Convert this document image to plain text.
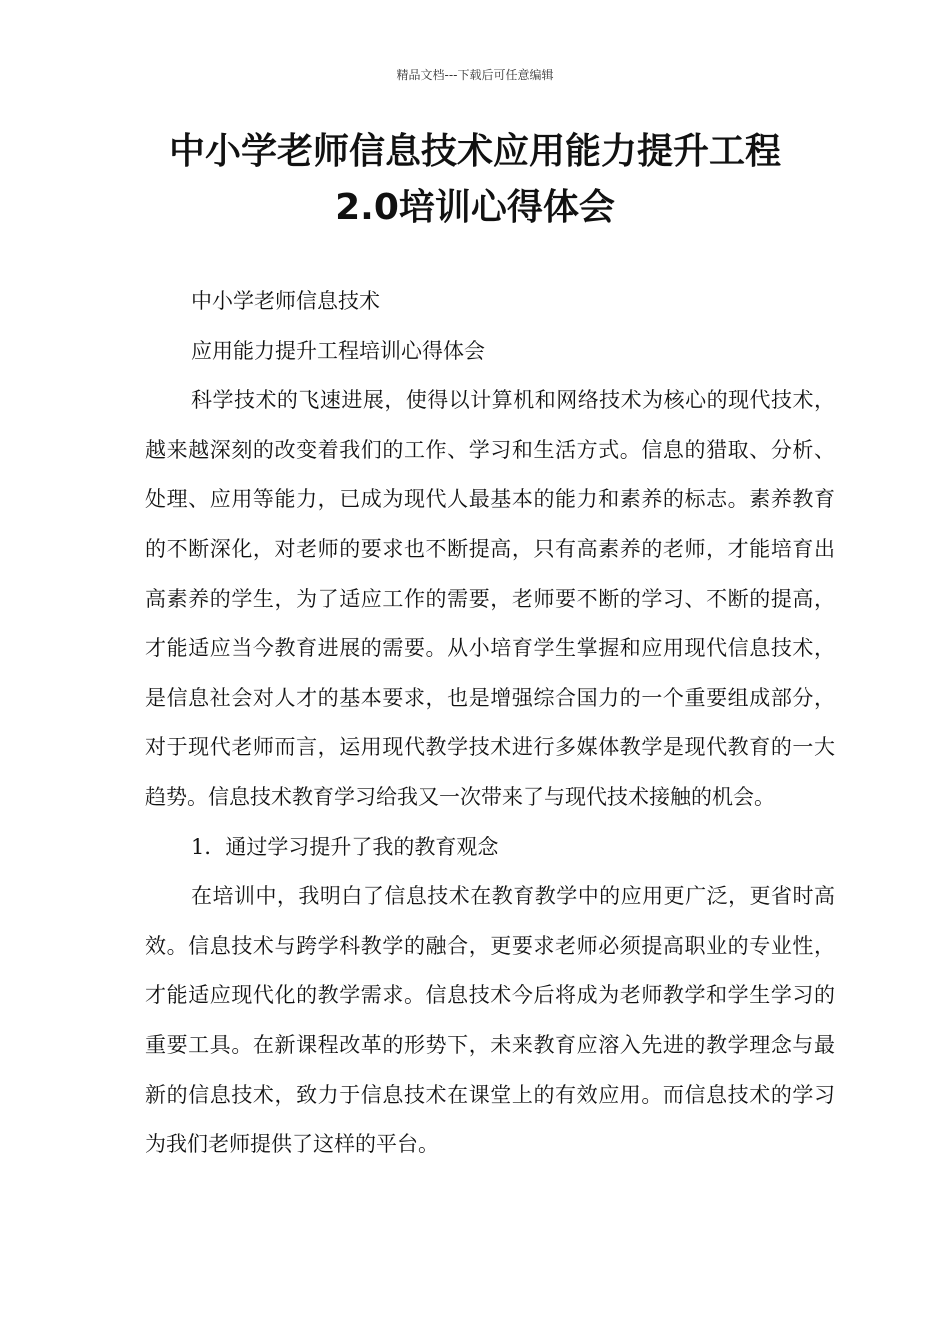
精品文档---下载后可任意编辑
中小学老师信息技术应用能力提升工程
2.0培训心得体会

中小学老师信息技术

应用能力提升工程培训心得体会

科学技术的飞速进展，使得以计算机和网络技术为核心的现代技术，越来越深刻的改变着我们的工作、学习和生活方式。信息的猎取、分析、处理、应用等能力，已成为现代人最基本的能力和素养的标志。素养教育的不断深化，对老师的要求也不断提高，只有高素养的老师，才能培育出高素养的学生，为了适应工作的需要，老师要不断的学习、不断的提高，才能适应当今教育进展的需要。从小培育学生掌握和应用现代信息技术，是信息社会对人才的基本要求，也是增强综合国力的一个重要组成部分，对于现代老师而言，运用现代教学技术进行多媒体教学是现代教育的一大趋势。信息技术教育学习给我又一次带来了与现代技术接触的机会。

1．通过学习提升了我的教育观念

在培训中，我明白了信息技术在教育教学中的应用更广泛，更省时高效。信息技术与跨学科教学的融合，更要求老师必须提高职业的专业性，才能适应现代化的教学需求。信息技术今后将成为老师教学和学生学习的重要工具。在新课程改革的形势下，未来教育应溶入先进的教学理念与最新的信息技术，致力于信息技术在课堂上的有效应用。而信息技术的学习为我们老师提供了这样的平台。
